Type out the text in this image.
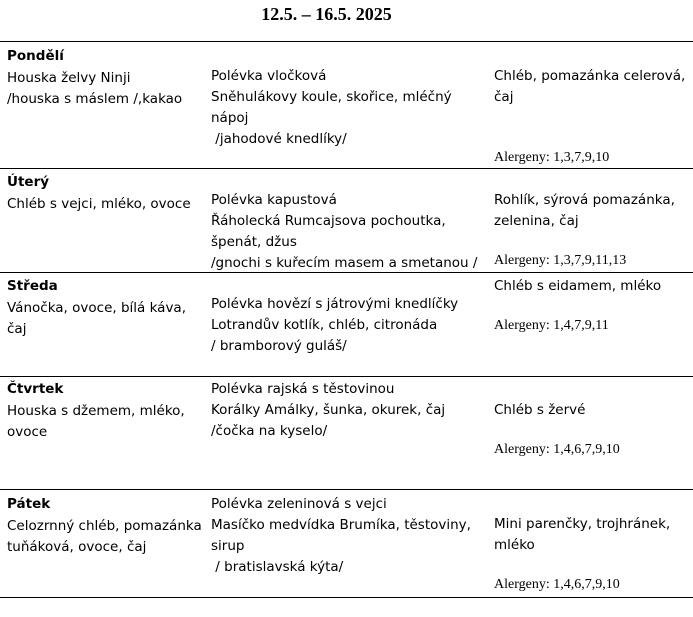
12.5. – 16.5. 2025
Pondělí
Houska želvy Ninji
/houska s máslem /,kakao
Polévka vločková
Sněhulákovy koule, skořice, mléčný nápoj
/jahodové knedlíky/
Chléb, pomazánka celerová, čaj
Alergeny: 1,3,7,9,10
Úterý
Chléb s vejci, mléko, ovoce	Polévka kapustová
Řáholecká Rumcajsova pochoutka, špenát, džus
/gnochi s kuřecím masem a smetanou /
Rohlík, sýrová pomazánka, zelenina, čaj
Alergeny: 1,3,7,9,11,13
Středa
Vánočka, ovoce, bílá káva, čaj
Polévka hovězí s játrovými knedlíčky
Lotrandův kotlík, chléb, citronáda
/ bramborový guláš/
Chléb s eidamem, mléko
Alergeny: 1,4,7,9,11
Čtvrtek
Houska s džemem, mléko, ovoce
Polévka rajská s těstovinou
Korálky Amálky, šunka, okurek, čaj
/čočka na kyselo/
Chléb s žervé
Alergeny: 1,4,6,7,9,10
Pátek
Celozrnný chléb, pomazánka tuňáková, ovoce, čaj
Polévka zeleninová s vejci
Masíčko medvídka Brumíka, těstoviny, sirup
/ bratislavská kýta/
Mini parenčky, trojhránek, mléko
Alergeny: 1,4,6,7,9,10
